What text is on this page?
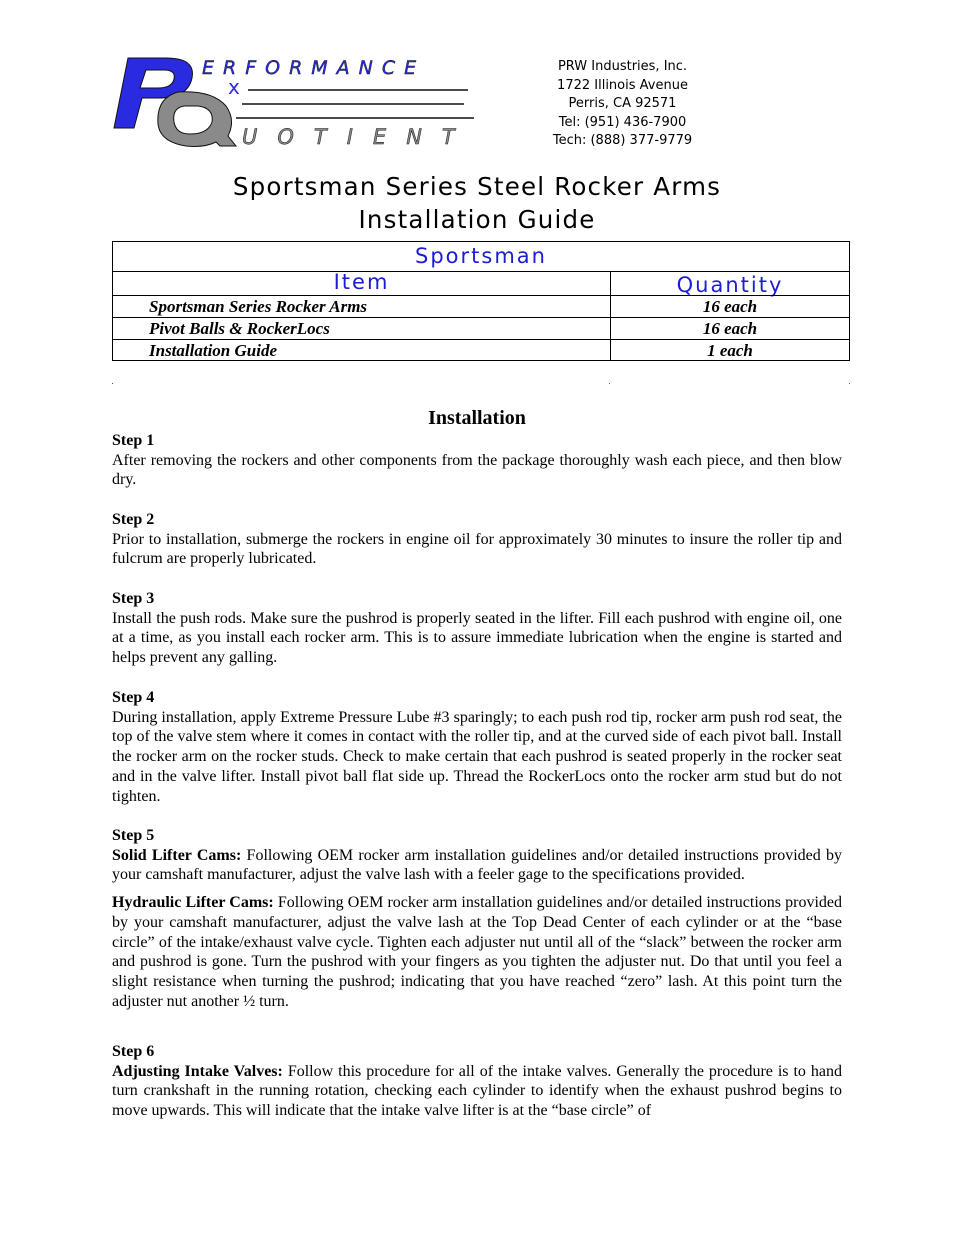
ERFORMANCE
x
UOTIENT
PRW Industries, Inc.
1722 Illinois Avenue
Perris, CA 92571
Tel: (951) 436-7900
Tech: (888) 377-9779
Sportsman Series Steel Rocker Arms
Installation Guide
Sportsman
Item	Quantity
Sportsman Series Rocker Arms	16 each
Pivot Balls & RockerLocs	16 each
Installation Guide	1 each
Installation
Step 1
After removing the rockers and other components from the package thoroughly wash each piece, and then blow dry.
Step 2
Prior to installation, submerge the rockers in engine oil for approximately 30 minutes to insure the roller tip and fulcrum are properly lubricated.
Step 3
Install the push rods. Make sure the pushrod is properly seated in the lifter. Fill each pushrod with engine oil, one at a time, as you install each rocker arm. This is to assure immediate lubrication when the engine is started and helps prevent any galling.
Step 4
During installation, apply Extreme Pressure Lube #3 sparingly; to each push rod tip, rocker arm push rod seat, the top of the valve stem where it comes in contact with the roller tip, and at the curved side of each pivot ball. Install the rocker arm on the rocker studs. Check to make certain that each pushrod is seated properly in the rocker seat and in the valve lifter. Install pivot ball flat side up. Thread the RockerLocs onto the rocker arm stud but do not tighten.
Step 5
Solid Lifter Cams: Following OEM rocker arm installation guidelines and/or detailed instructions provided by your camshaft manufacturer, adjust the valve lash with a feeler gage to the specifications provided.
Hydraulic Lifter Cams: Following OEM rocker arm installation guidelines and/or detailed instructions provided by your camshaft manufacturer, adjust the valve lash at the Top Dead Center of each cylinder or at the “base circle” of the intake/exhaust valve cycle. Tighten each adjuster nut until all of the “slack” between the rocker arm and pushrod is gone. Turn the pushrod with your fingers as you tighten the adjuster nut. Do that until you feel a slight resistance when turning the pushrod; indicating that you have reached “zero” lash. At this point turn the adjuster nut another ½ turn.
Step 6
Adjusting Intake Valves: Follow this procedure for all of the intake valves. Generally the procedure is to hand turn crankshaft in the running rotation, checking each cylinder to identify when the exhaust pushrod begins to move upwards. This will indicate that the intake valve lifter is at the “base circle” of
